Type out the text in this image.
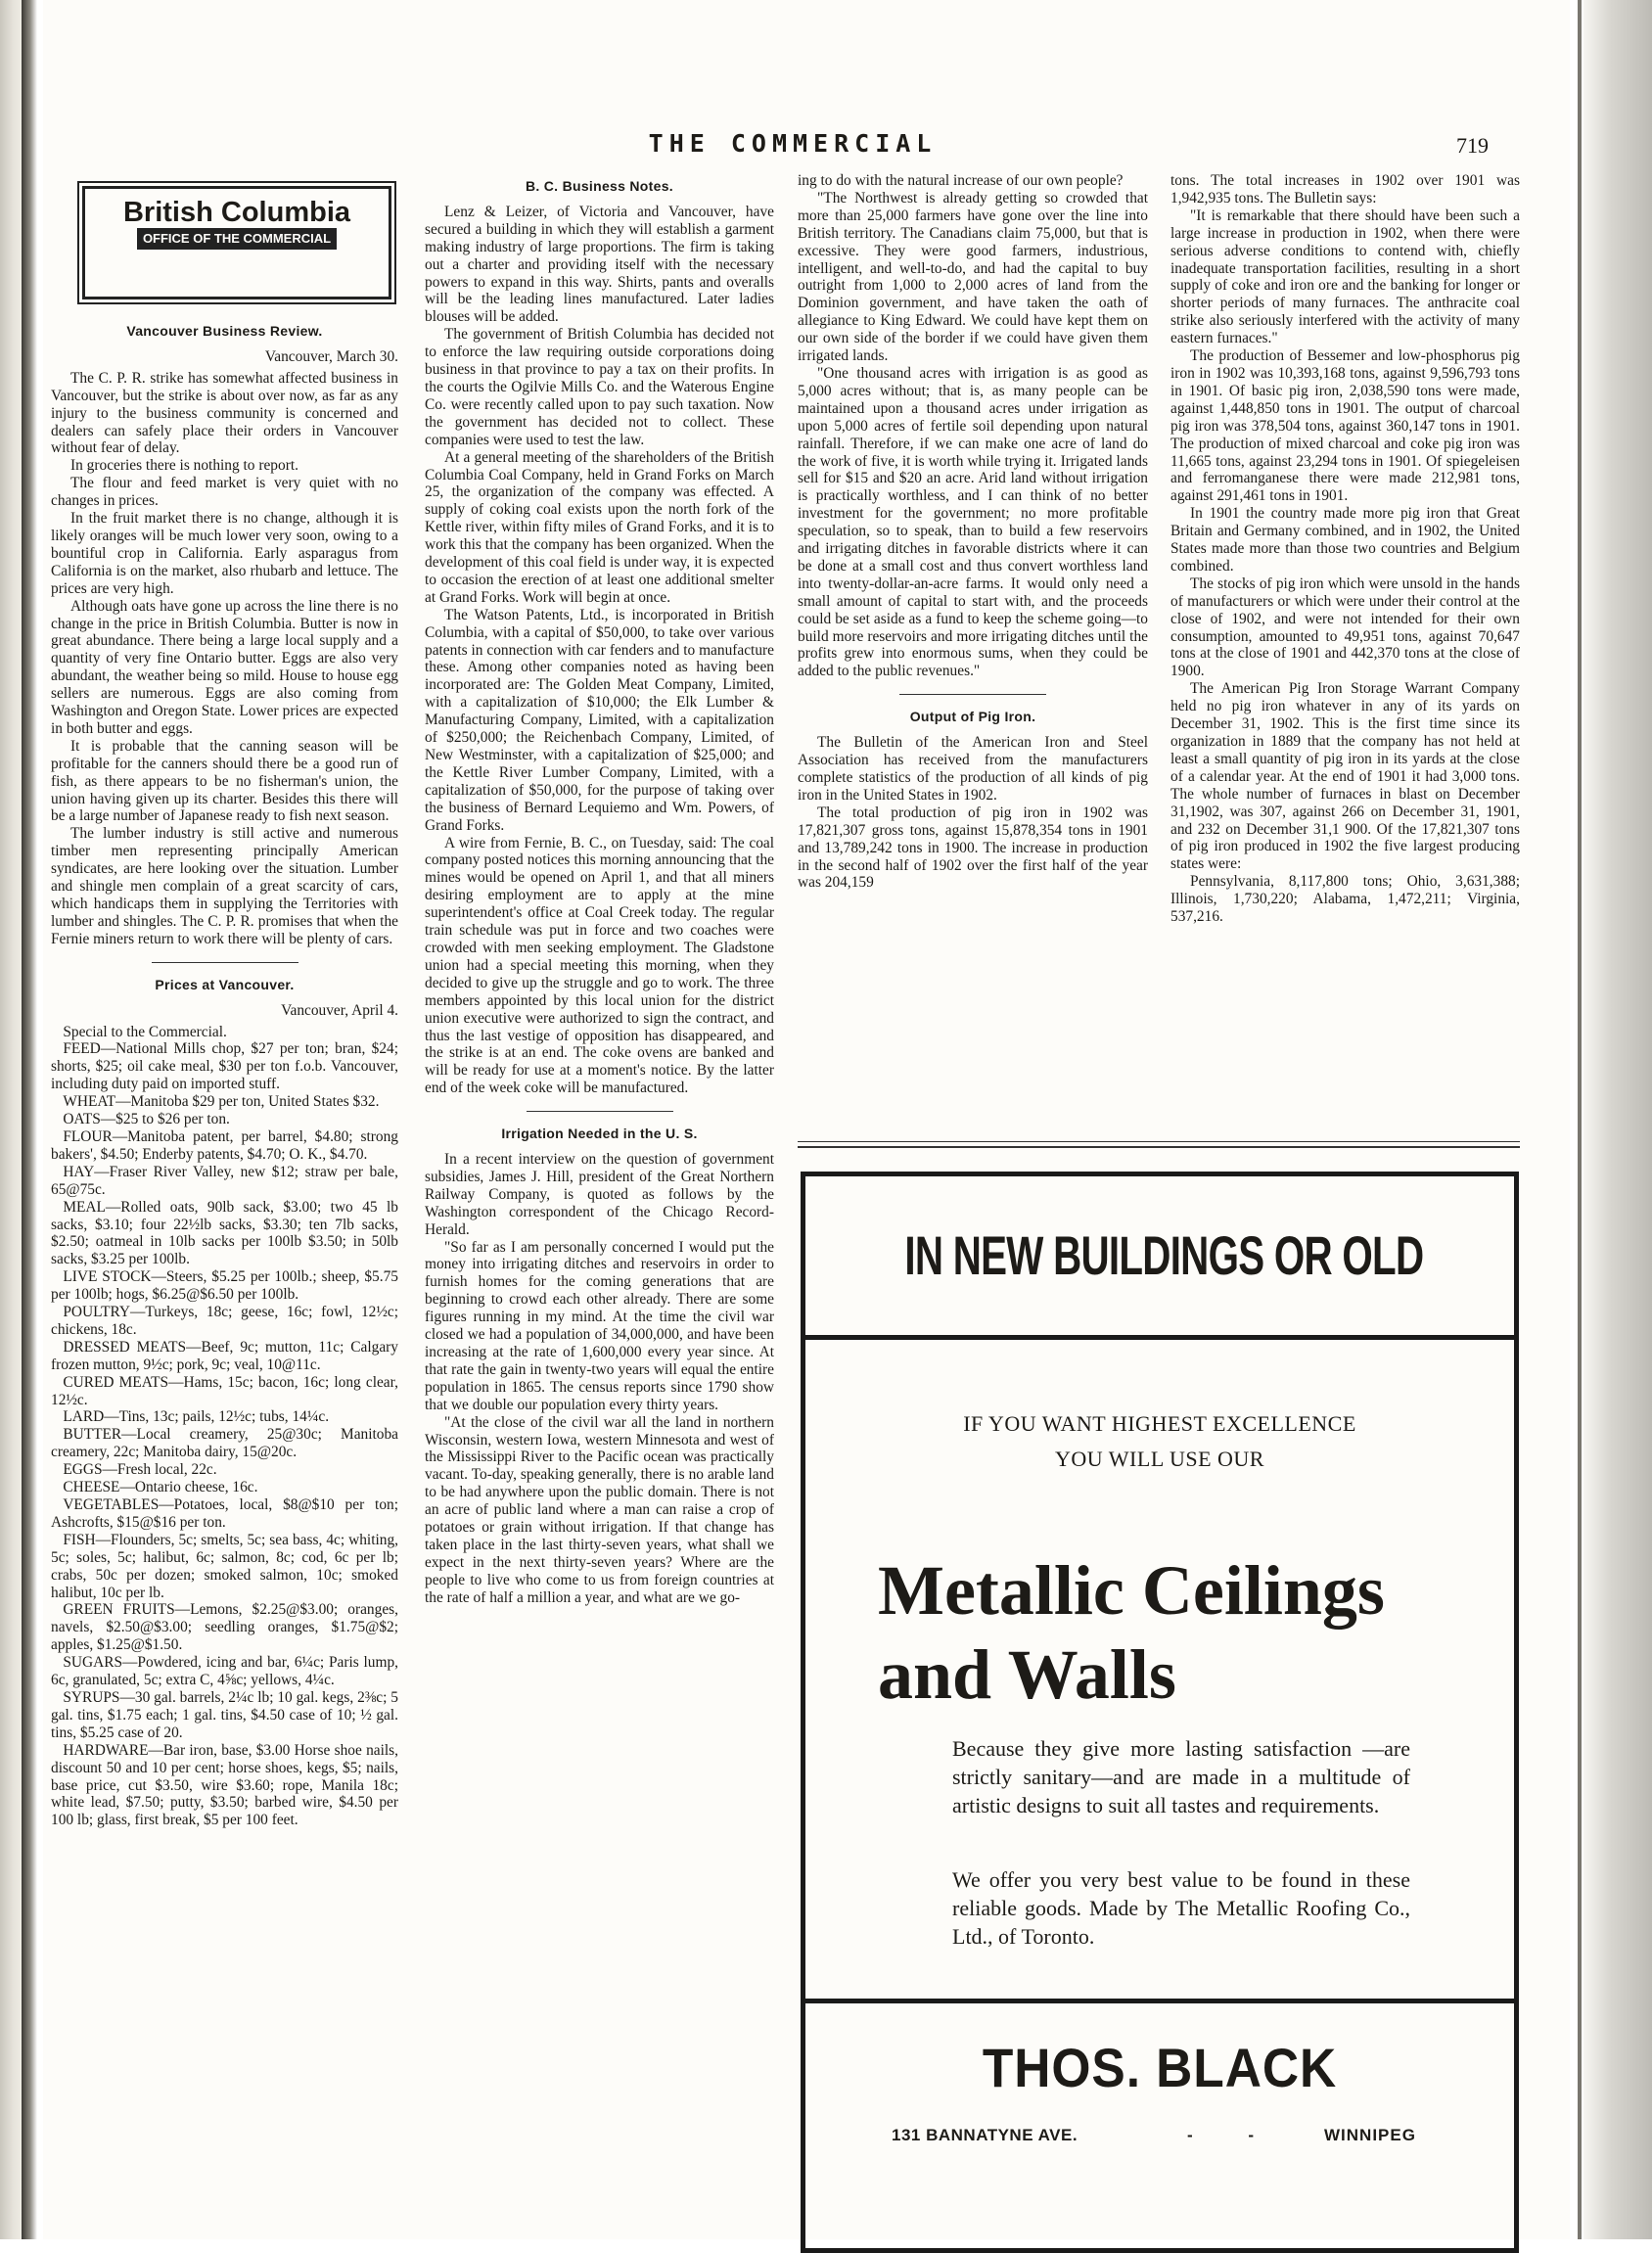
THE COMMERCIAL	719
British Columbia
OFFICE OF THE COMMERCIAL
Vancouver Business Review.

Vancouver, March 30.

The C. P. R. strike has somewhat affected business in Vancouver, but the strike is about over now, as far as any injury to the business community is concerned and dealers can safely place their orders in Vancouver without fear of delay.

In groceries there is nothing to report.

The flour and feed market is very quiet with no changes in prices.

In the fruit market there is no change, although it is likely oranges will be much lower very soon, owing to a bountiful crop in California. Early asparagus from California is on the market, also rhubarb and lettuce. The prices are very high.

Although oats have gone up across the line there is no change in the price in British Columbia. Butter is now in great abundance. There being a large local supply and a quantity of very fine Ontario butter. Eggs are also very abundant, the weather being so mild. House to house egg sellers are numerous. Eggs are also coming from Washington and Oregon State. Lower prices are expected in both butter and eggs.

It is probable that the canning season will be profitable for the canners should there be a good run of fish, as there appears to be no fisherman's union, the union having given up its charter. Besides this there will be a large number of Japanese ready to fish next season.

The lumber industry is still active and numerous timber men representing principally American syndicates, are here looking over the situation. Lumber and shingle men complain of a great scarcity of cars, which handicaps them in supplying the Territories with lumber and shingles. The C. P. R. promises that when the Fernie miners return to work there will be plenty of cars.

Prices at Vancouver.

Vancouver, April 4.

Special to the Commercial.

FEED—National Mills chop, $27 per ton; bran, $24; shorts, $25; oil cake meal, $30 per ton f.o.b. Vancouver, including duty paid on imported stuff.

WHEAT—Manitoba $29 per ton, United States $32.

OATS—$25 to $26 per ton.

FLOUR—Manitoba patent, per barrel, $4.80; strong bakers', $4.50; Enderby patents, $4.70; O. K., $4.70.

HAY—Fraser River Valley, new $12; straw per bale, 65@75c.

MEAL—Rolled oats, 90lb sack, $3.00; two 45 lb sacks, $3.10; four 22½lb sacks, $3.30; ten 7lb sacks, $2.50; oatmeal in 10lb sacks per 100lb $3.50; in 50lb sacks, $3.25 per 100lb.

LIVE STOCK—Steers, $5.25 per 100lb.; sheep, $5.75 per 100lb; hogs, $6.25@$6.50 per 100lb.

POULTRY—Turkeys, 18c; geese, 16c; fowl, 12½c; chickens, 18c.

DRESSED MEATS—Beef, 9c; mutton, 11c; Calgary frozen mutton, 9½c; pork, 9c; veal, 10@11c.

CURED MEATS—Hams, 15c; bacon, 16c; long clear, 12½c.

LARD—Tins, 13c; pails, 12½c; tubs, 14¼c.

BUTTER—Local creamery, 25@30c; Manitoba creamery, 22c; Manitoba dairy, 15@20c.

EGGS—Fresh local, 22c.

CHEESE—Ontario cheese, 16c.

VEGETABLES—Potatoes, local, $8@$10 per ton; Ashcrofts, $15@$16 per ton.

FISH—Flounders, 5c; smelts, 5c; sea bass, 4c; whiting, 5c; soles, 5c; halibut, 6c; salmon, 8c; cod, 6c per lb; crabs, 50c per dozen; smoked salmon, 10c; smoked halibut, 10c per lb.

GREEN FRUITS—Lemons, $2.25@$3.00; oranges, navels, $2.50@$3.00; seedling oranges, $1.75@$2; apples, $1.25@$1.50.

SUGARS—Powdered, icing and bar, 6¼c; Paris lump, 6c, granulated, 5c; extra C, 4⅝c; yellows, 4¼c.

SYRUPS—30 gal. barrels, 2¼c lb; 10 gal. kegs, 2⅜c; 5 gal. tins, $1.75 each; 1 gal. tins, $4.50 case of 10; ½ gal. tins, $5.25 case of 20.

HARDWARE—Bar iron, base, $3.00 Horse shoe nails, discount 50 and 10 per cent; horse shoes, kegs, $5; nails, base price, cut $3.50, wire $3.60; rope, Manila 18c; white lead, $7.50; putty, $3.50; barbed wire, $4.50 per 100 lb; glass, first break, $5 per 100 feet.

B. C. Business Notes.

Lenz & Leizer, of Victoria and Vancouver, have secured a building in which they will establish a garment making industry of large proportions. The firm is taking out a charter and providing itself with the necessary powers to expand in this way. Shirts, pants and overalls will be the leading lines manufactured. Later ladies blouses will be added.

The government of British Columbia has decided not to enforce the law requiring outside corporations doing business in that province to pay a tax on their profits. In the courts the Ogilvie Mills Co. and the Waterous Engine Co. were recently called upon to pay such taxation. Now the government has decided not to collect. These companies were used to test the law.

At a general meeting of the shareholders of the British Columbia Coal Company, held in Grand Forks on March 25, the organization of the company was effected. A supply of coking coal exists upon the north fork of the Kettle river, within fifty miles of Grand Forks, and it is to work this that the company has been organized. When the development of this coal field is under way, it is expected to occasion the erection of at least one additional smelter at Grand Forks. Work will begin at once.

The Watson Patents, Ltd., is incorporated in British Columbia, with a capital of $50,000, to take over various patents in connection with car fenders and to manufacture these. Among other companies noted as having been incorporated are: The Golden Meat Company, Limited, with a capitalization of $10,000; the Elk Lumber & Manufacturing Company, Limited, with a capitalization of $250,000; the Reichenbach Company, Limited, of New Westminster, with a capitalization of $25,000; and the Kettle River Lumber Company, Limited, with a capitalization of $50,000, for the purpose of taking over the business of Bernard Lequiemo and Wm. Powers, of Grand Forks.

A wire from Fernie, B. C., on Tuesday, said: The coal company posted notices this morning announcing that the mines would be opened on April 1, and that all miners desiring employment are to apply at the mine superintendent's office at Coal Creek today. The regular train schedule was put in force and two coaches were crowded with men seeking employment. The Gladstone union had a special meeting this morning, when they decided to give up the struggle and go to work. The three members appointed by this local union for the district union executive were authorized to sign the contract, and thus the last vestige of opposition has disappeared, and the strike is at an end. The coke ovens are banked and will be ready for use at a moment's notice. By the latter end of the week coke will be manufactured.

Irrigation Needed in the U. S.

In a recent interview on the question of government subsidies, James J. Hill, president of the Great Northern Railway Company, is quoted as follows by the Washington correspondent of the Chicago Record-Herald.

"So far as I am personally concerned I would put the money into irrigating ditches and reservoirs in order to furnish homes for the coming generations that are beginning to crowd each other already. There are some figures running in my mind. At the time the civil war closed we had a population of 34,000,000, and have been increasing at the rate of 1,600,000 every year since. At that rate the gain in twenty-two years will equal the entire population in 1865. The census reports since 1790 show that we double our population every thirty years.

"At the close of the civil war all the land in northern Wisconsin, western Iowa, western Minnesota and west of the Mississippi River to the Pacific ocean was practically vacant. To-day, speaking generally, there is no arable land to be had anywhere upon the public domain. There is not an acre of public land where a man can raise a crop of potatoes or grain without irrigation. If that change has taken place in the last thirty-seven years, what shall we expect in the next thirty-seven years? Where are the people to live who come to us from foreign countries at the rate of half a million a year, and what are we go-

ing to do with the natural increase of our own people?

"The Northwest is already getting so crowded that more than 25,000 farmers have gone over the line into British territory. The Canadians claim 75,000, but that is excessive. They were good farmers, industrious, intelligent, and well-to-do, and had the capital to buy outright from 1,000 to 2,000 acres of land from the Dominion government, and have taken the oath of allegiance to King Edward. We could have kept them on our own side of the border if we could have given them irrigated lands.

"One thousand acres with irrigation is as good as 5,000 acres without; that is, as many people can be maintained upon a thousand acres under irrigation as upon 5,000 acres of fertile soil depending upon natural rainfall. Therefore, if we can make one acre of land do the work of five, it is worth while trying it. Irrigated lands sell for $15 and $20 an acre. Arid land without irrigation is practically worthless, and I can think of no better investment for the government; no more profitable speculation, so to speak, than to build a few reservoirs and irrigating ditches in favorable districts where it can be done at a small cost and thus convert worthless land into twenty-dollar-an-acre farms. It would only need a small amount of capital to start with, and the proceeds could be set aside as a fund to keep the scheme going—to build more reservoirs and more irrigating ditches until the profits grew into enormous sums, when they could be added to the public revenues."

Output of Pig Iron.

The Bulletin of the American Iron and Steel Association has received from the manufacturers complete statistics of the production of all kinds of pig iron in the United States in 1902.

The total production of pig iron in 1902 was 17,821,307 gross tons, against 15,878,354 tons in 1901 and 13,789,242 tons in 1900. The increase in production in the second half of 1902 over the first half of the year was 204,159

tons. The total increases in 1902 over 1901 was 1,942,935 tons. The Bulletin says:

"It is remarkable that there should have been such a large increase in production in 1902, when there were serious adverse conditions to contend with, chiefly inadequate transportation facilities, resulting in a short supply of coke and iron ore and the banking for longer or shorter periods of many furnaces. The anthracite coal strike also seriously interfered with the activity of many eastern furnaces."

The production of Bessemer and low-phosphorus pig iron in 1902 was 10,393,168 tons, against 9,596,793 tons in 1901. Of basic pig iron, 2,038,590 tons were made, against 1,448,850 tons in 1901. The output of charcoal pig iron was 378,504 tons, against 360,147 tons in 1901. The production of mixed charcoal and coke pig iron was 11,665 tons, against 23,294 tons in 1901. Of spiegeleisen and ferromanganese there were made 212,981 tons, against 291,461 tons in 1901.

In 1901 the country made more pig iron that Great Britain and Germany combined, and in 1902, the United States made more than those two countries and Belgium combined.

The stocks of pig iron which were unsold in the hands of manufacturers or which were under their control at the close of 1902, and were not intended for their own consumption, amounted to 49,951 tons, against 70,647 tons at the close of 1901 and 442,370 tons at the close of 1900.

The American Pig Iron Storage Warrant Company held no pig iron whatever in any of its yards on December 31, 1902. This is the first time since its organization in 1889 that the company has not held at least a small quantity of pig iron in its yards at the close of a calendar year. At the end of 1901 it had 3,000 tons. The whole number of furnaces in blast on December 31,1902, was 307, against 266 on December 31, 1901, and 232 on December 31,1 900. Of the 17,821,307 tons of pig iron produced in 1902 the five largest producing states were:

Pennsylvania, 8,117,800 tons; Ohio, 3,631,388; Illinois, 1,730,220; Alabama, 1,472,211; Virginia, 537,216.

IN NEW BUILDINGS OR OLD
IF YOU WANT HIGHEST EXCELLENCE
YOU WILL USE OUR
Metallic Ceilings
and Walls
Because they give more lasting satisfaction —are strictly sanitary—and are made in a multitude of artistic designs to suit all tastes and requirements.
We offer you very best value to be found in these reliable goods. Made by The Metallic Roofing Co., Ltd., of Toronto.
THOS. BLACK
131 BANNATYNE AVE.	- -	WINNIPEG
